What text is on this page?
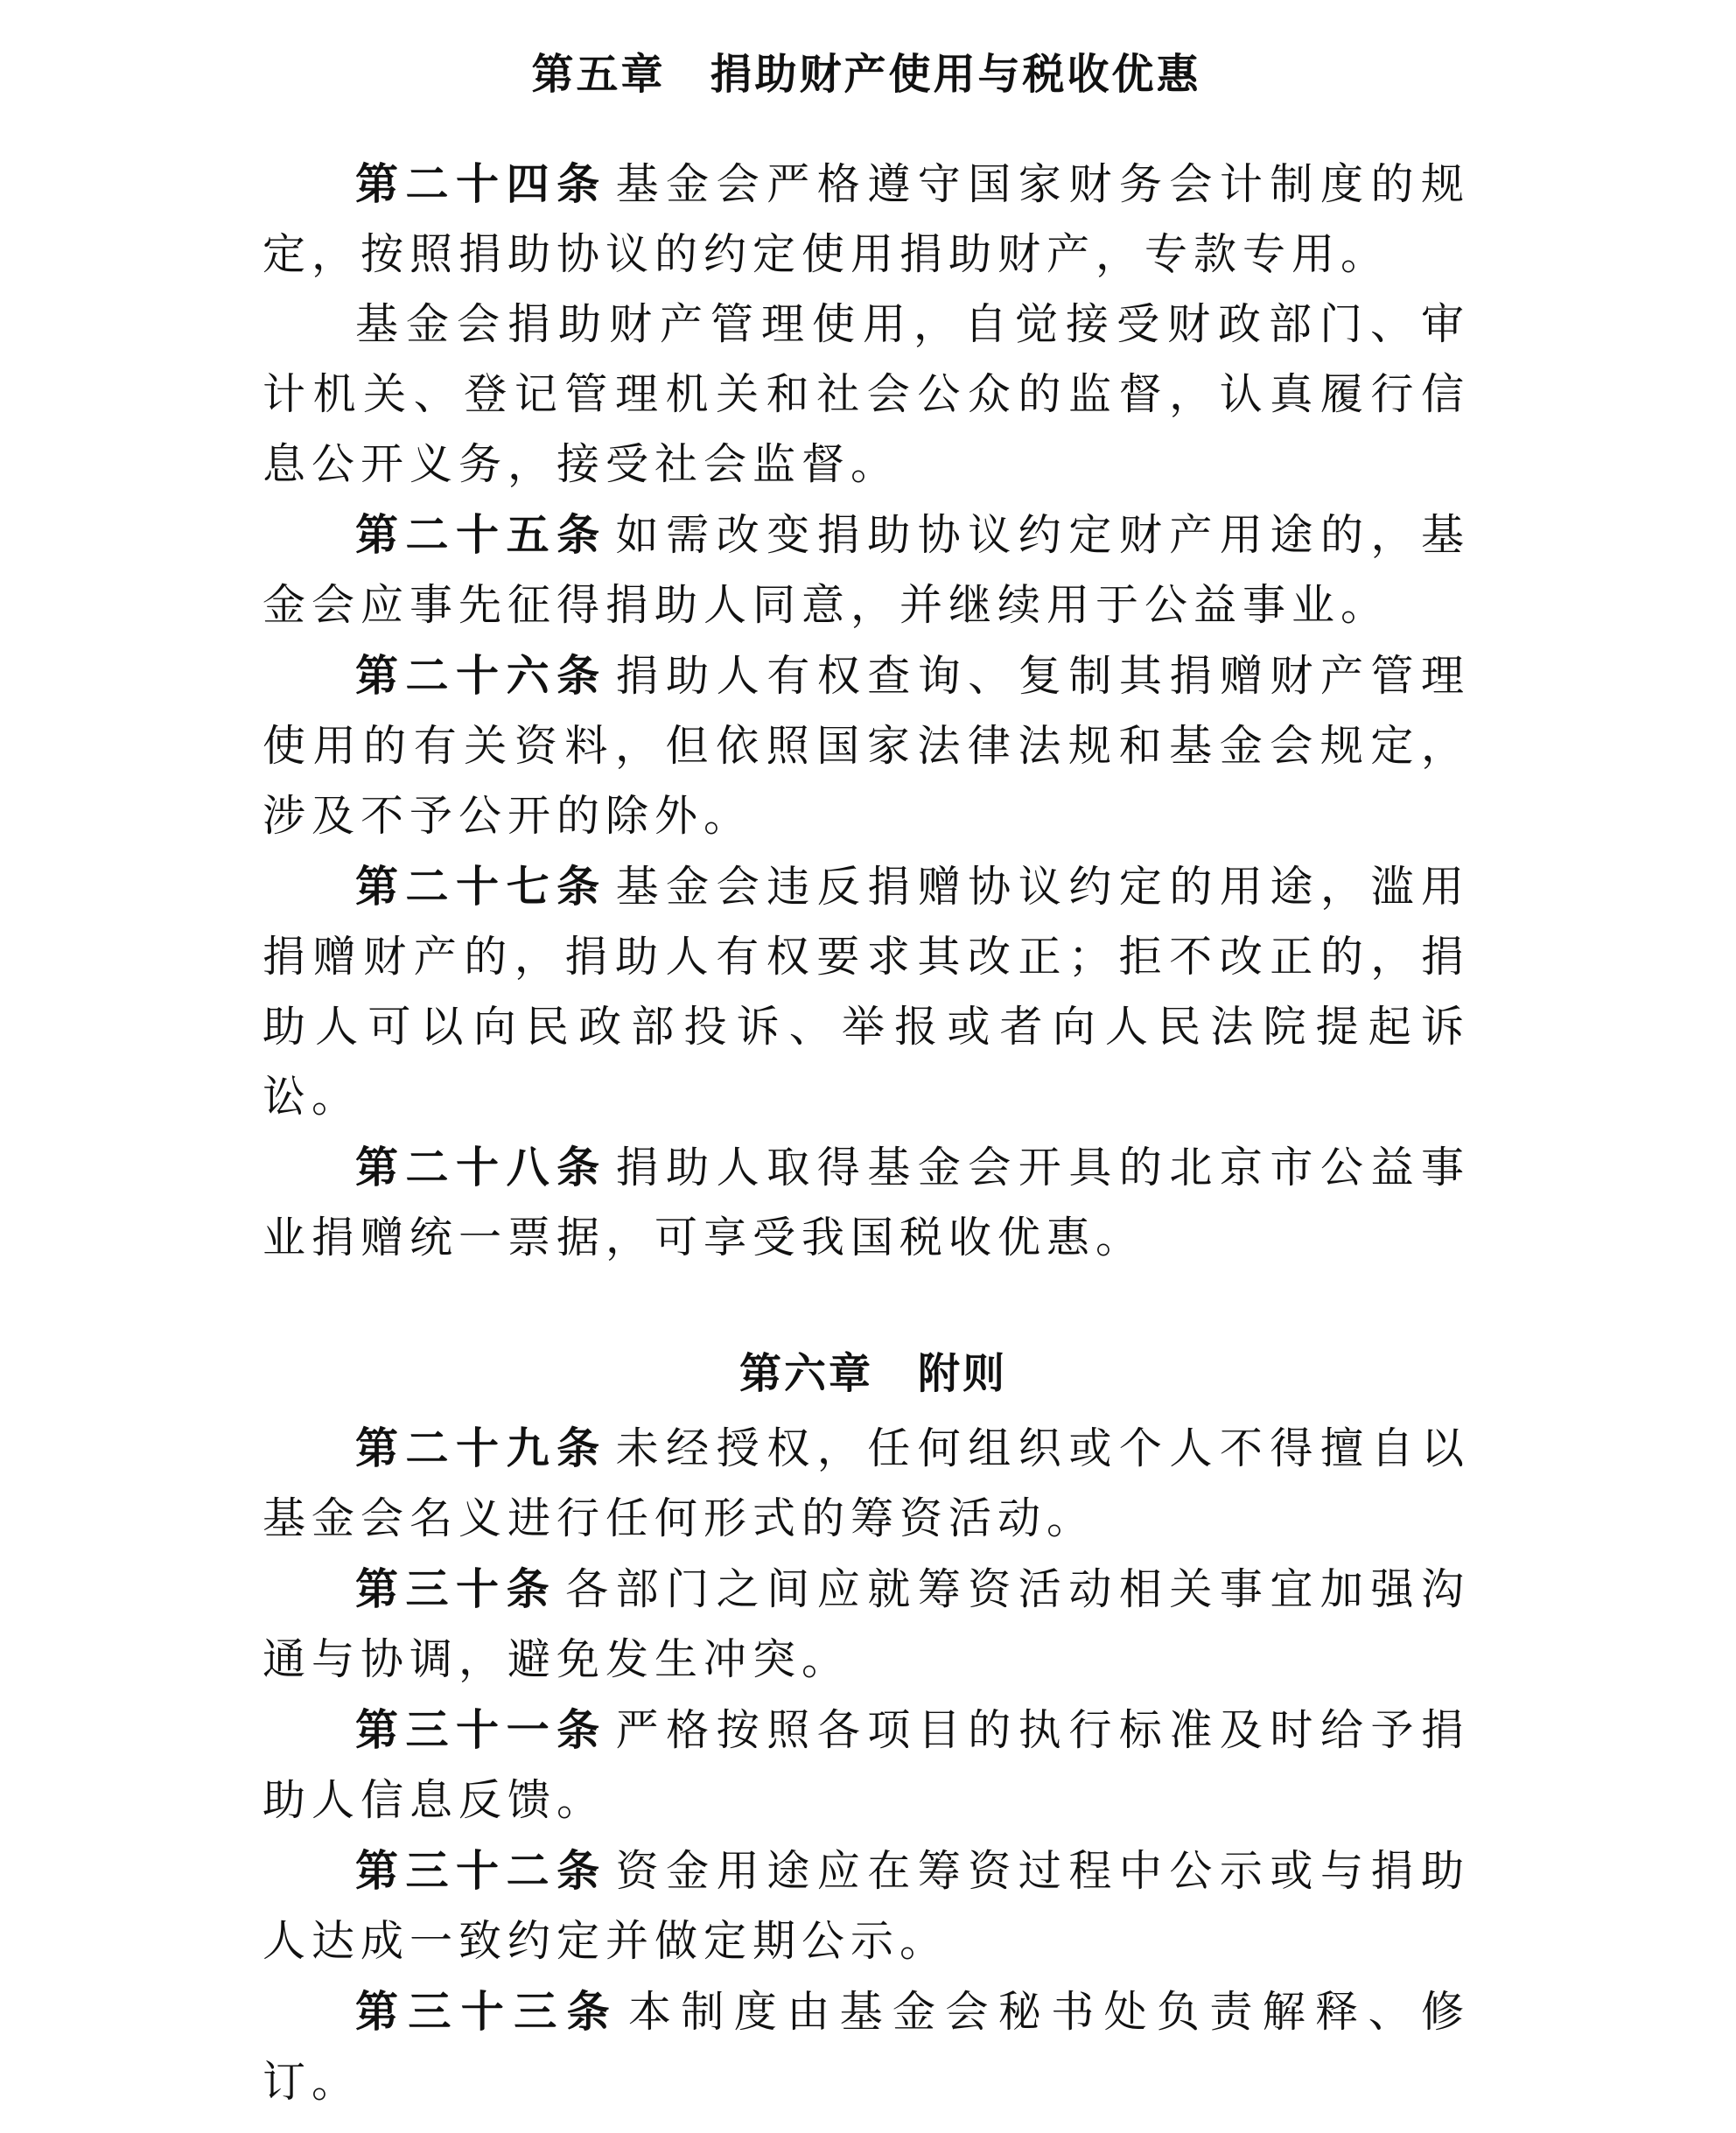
第五章　捐助财产使用与税收优惠

第二十四条 基金会严格遵守国家财务会计制度的规定，按照捐助协议的约定使用捐助财产，专款专用。

基金会捐助财产管理使用，自觉接受财政部门、审计机关、登记管理机关和社会公众的监督，认真履行信息公开义务，接受社会监督。

第二十五条 如需改变捐助协议约定财产用途的，基金会应事先征得捐助人同意，并继续用于公益事业。

第二十六条 捐助人有权查询、复制其捐赠财产管理使用的有关资料，但依照国家法律法规和基金会规定，涉及不予公开的除外。

第二十七条 基金会违反捐赠协议约定的用途，滥用捐赠财产的，捐助人有权要求其改正；拒不改正的，捐助人可以向民政部投诉、举报或者向人民法院提起诉讼。

第二十八条 捐助人取得基金会开具的北京市公益事业捐赠统一票据，可享受我国税收优惠。

第六章　附则

第二十九条 未经授权，任何组织或个人不得擅自以基金会名义进行任何形式的筹资活动。

第三十条 各部门之间应就筹资活动相关事宜加强沟通与协调，避免发生冲突。

第三十一条 严格按照各项目的执行标准及时给予捐助人信息反馈。

第三十二条 资金用途应在筹资过程中公示或与捐助人达成一致约定并做定期公示。

第三十三条 本制度由基金会秘书处负责解释、修订。
